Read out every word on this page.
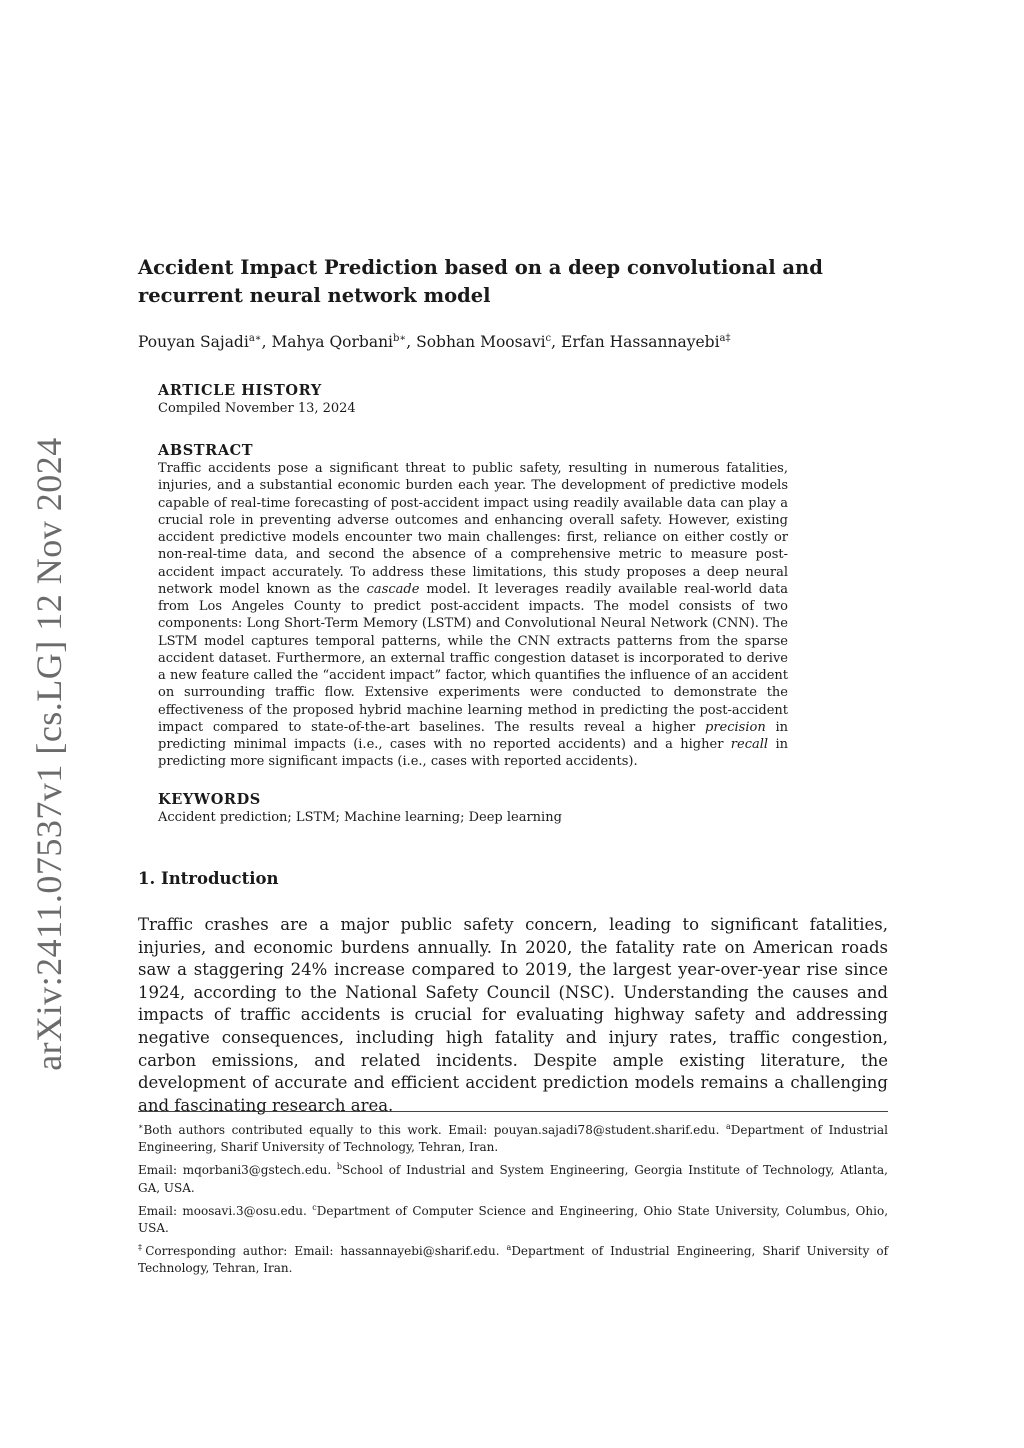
arXiv:2411.07537v1 [cs.LG] 12 Nov 2024
Accident Impact Prediction based on a deep convolutional and recurrent neural network model
Pouyan Sajadi$^{a∗}$, Mahya Qorbani$^{b∗}$, Sobhan Moosavi$^c$, Erfan Hassannayebi$^{a\ddagger}$
ARTICLE HISTORY
Compiled November 13, 2024
ABSTRACT

Traffic accidents pose a significant threat to public safety, resulting in numerous fatalities, injuries, and a substantial economic burden each year. The development of predictive models capable of real-time forecasting of post-accident impact using readily available data can play a crucial role in preventing adverse outcomes and enhancing overall safety. However, existing accident predictive models encounter two main challenges: first, reliance on either costly or non-real-time data, and second the absence of a comprehensive metric to measure post-accident impact accurately. To address these limitations, this study proposes a deep neural network model known as the cascade model. It leverages readily available real-world data from Los Angeles County to predict post-accident impacts. The model consists of two components: Long Short-Term Memory (LSTM) and Convolutional Neural Network (CNN). The LSTM model captures temporal patterns, while the CNN extracts patterns from the sparse accident dataset. Furthermore, an external traffic congestion dataset is incorporated to derive a new feature called the “accident impact” factor, which quantifies the influence of an accident on surrounding traffic flow. Extensive experiments were conducted to demonstrate the effectiveness of the proposed hybrid machine learning method in predicting the post-accident impact compared to state-of-the-art baselines. The results reveal a higher precision in predicting minimal impacts (i.e., cases with no reported accidents) and a higher recall in predicting more significant impacts (i.e., cases with reported accidents).

KEYWORDS
Accident prediction; LSTM; Machine learning; Deep learning
1. Introduction

Traffic crashes are a major public safety concern, leading to significant fatalities, injuries, and economic burdens annually. In 2020, the fatality rate on American roads saw a staggering 24% increase compared to 2019, the largest year-over-year rise since 1924, according to the National Safety Council (NSC). Understanding the causes and impacts of traffic accidents is crucial for evaluating highway safety and addressing negative consequences, including high fatality and injury rates, traffic congestion, carbon emissions, and related incidents. Despite ample existing literature, the development of accurate and efficient accident prediction models remains a challenging and fascinating research area.

∗Both authors contributed equally to this work. Email: pouyan.sajadi78@student.sharif.edu. $^a$Department of Industrial Engineering, Sharif University of Technology, Tehran, Iran.

Email: mqorbani3@gstech.edu. $^b$School of Industrial and System Engineering, Georgia Institute of Technology, Atlanta, GA, USA.

Email: moosavi.3@osu.edu. $^c$Department of Computer Science and Engineering, Ohio State University, Columbus, Ohio, USA.

‡Corresponding author: Email: hassannayebi@sharif.edu. $^a$Department of Industrial Engineering, Sharif University of Technology, Tehran, Iran.
